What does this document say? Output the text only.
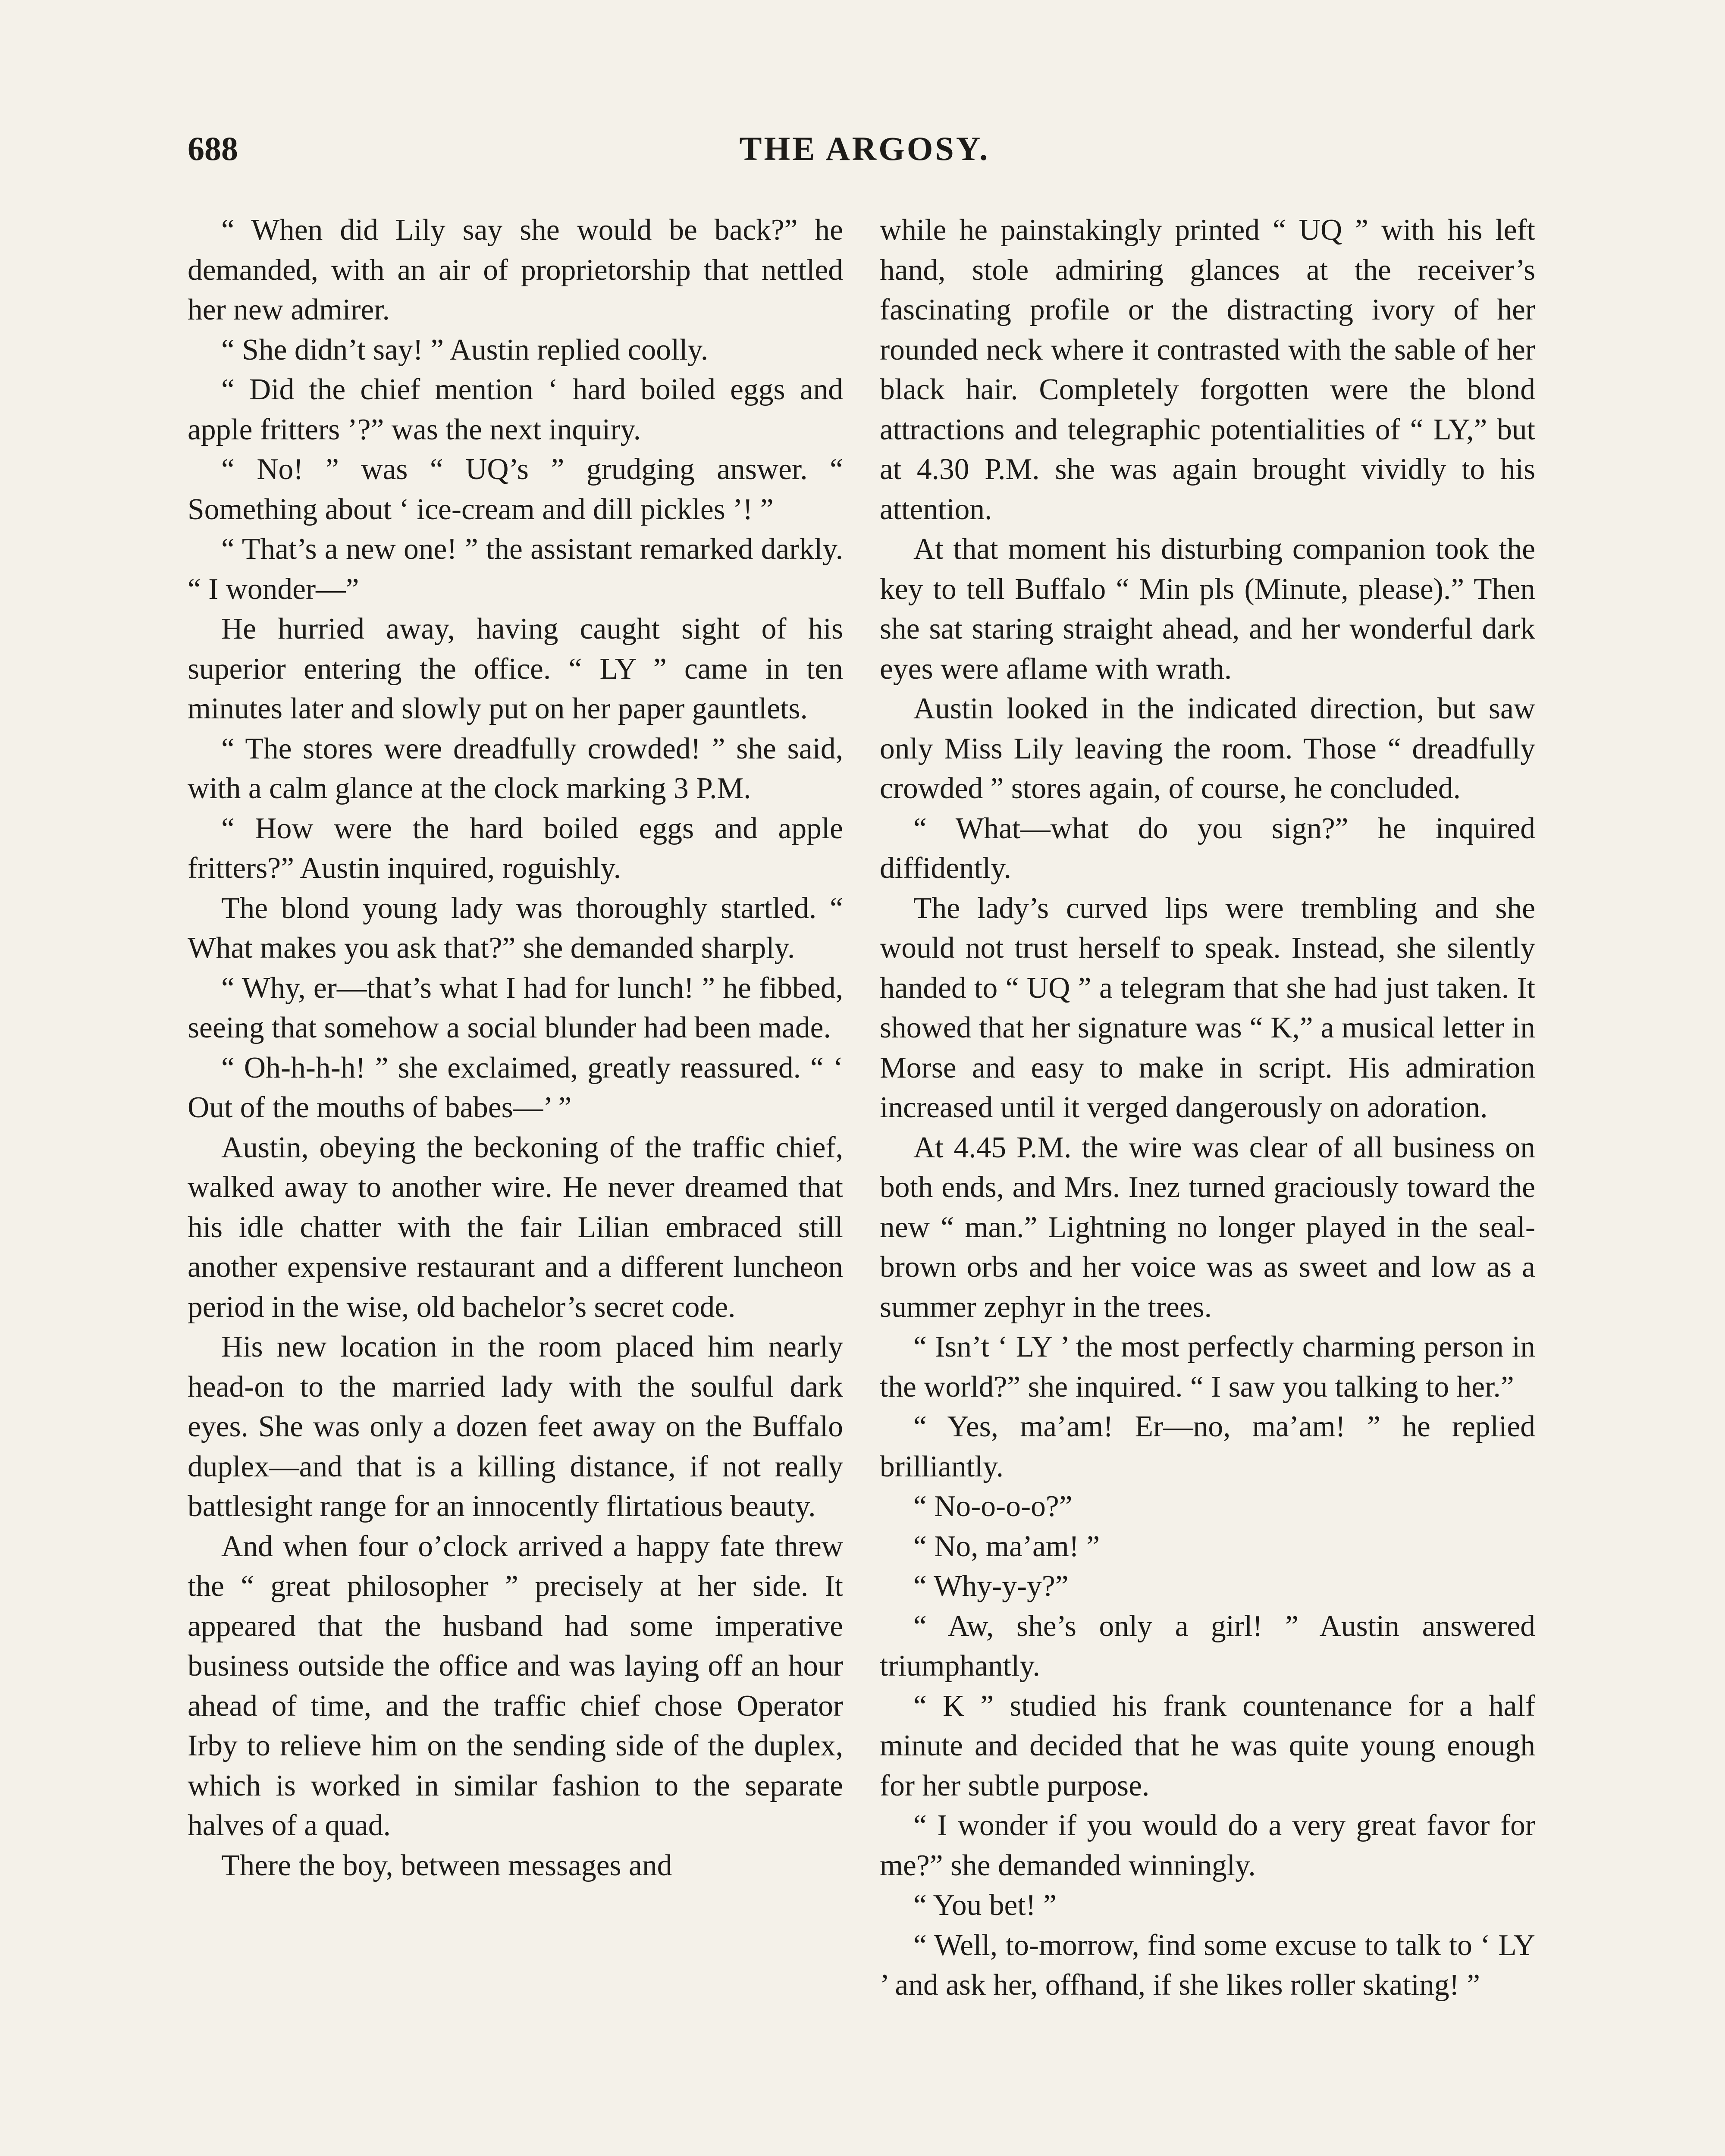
688	THE ARGOSY.

“ When did Lily say she would be back?” he demanded, with an air of proprietorship that nettled her new admirer.

“ She didn’t say! ” Austin replied coolly.

“ Did the chief mention ‘ hard boiled eggs and apple fritters ’?” was the next inquiry.

“ No! ” was “ UQ’s ” grudging answer. “ Something about ‘ ice-cream and dill pickles ’! ”

“ That’s a new one! ” the assistant remarked darkly. “ I wonder—”

He hurried away, having caught sight of his superior entering the office. “ LY ” came in ten minutes later and slowly put on her paper gauntlets.

“ The stores were dreadfully crowded! ” she said, with a calm glance at the clock marking 3 P.M.

“ How were the hard boiled eggs and apple fritters?” Austin inquired, roguishly.

The blond young lady was thoroughly startled. “ What makes you ask that?” she demanded sharply.

“ Why, er—that’s what I had for lunch! ” he fibbed, seeing that somehow a social blunder had been made.

“ Oh-h-h-h! ” she exclaimed, greatly reassured. “ ‘ Out of the mouths of babes—’ ”

Austin, obeying the beckoning of the traffic chief, walked away to another wire. He never dreamed that his idle chatter with the fair Lilian embraced still another expensive restaurant and a different luncheon period in the wise, old bachelor’s secret code.

His new location in the room placed him nearly head-on to the married lady with the soulful dark eyes. She was only a dozen feet away on the Buffalo duplex—and that is a killing distance, if not really battlesight range for an innocently flirtatious beauty.

And when four o’clock arrived a happy fate threw the “ great philosopher ” precisely at her side. It appeared that the husband had some imperative business outside the office and was laying off an hour ahead of time, and the traffic chief chose Operator Irby to relieve him on the sending side of the duplex, which is worked in similar fashion to the separate halves of a quad.

There the boy, between messages and

while he painstakingly printed “ UQ ” with his left hand, stole admiring glances at the receiver’s fascinating profile or the distracting ivory of her rounded neck where it contrasted with the sable of her black hair. Completely forgotten were the blond attractions and telegraphic potentialities of “ LY,” but at 4.30 P.M. she was again brought vividly to his attention.

At that moment his disturbing companion took the key to tell Buffalo “ Min pls (Minute, please).” Then she sat staring straight ahead, and her wonderful dark eyes were aflame with wrath.

Austin looked in the indicated direction, but saw only Miss Lily leaving the room. Those “ dreadfully crowded ” stores again, of course, he concluded.

“ What—what do you sign?” he inquired diffidently.

The lady’s curved lips were trembling and she would not trust herself to speak. Instead, she silently handed to “ UQ ” a telegram that she had just taken. It showed that her signature was “ K,” a musical letter in Morse and easy to make in script. His admiration increased until it verged dangerously on adoration.

At 4.45 P.M. the wire was clear of all business on both ends, and Mrs. Inez turned graciously toward the new “ man.” Lightning no longer played in the seal-brown orbs and her voice was as sweet and low as a summer zephyr in the trees.

“ Isn’t ‘ LY ’ the most perfectly charming person in the world?” she inquired. “ I saw you talking to her.”

“ Yes, ma’am! Er—no, ma’am! ” he replied brilliantly.

“ No-o-o-o?”

“ No, ma’am! ”

“ Why-y-y?”

“ Aw, she’s only a girl! ” Austin answered triumphantly.

“ K ” studied his frank countenance for a half minute and decided that he was quite young enough for her subtle purpose.

“ I wonder if you would do a very great favor for me?” she demanded winningly.

“ You bet! ”

“ Well, to-morrow, find some excuse to talk to ‘ LY ’ and ask her, offhand, if she likes roller skating! ”
